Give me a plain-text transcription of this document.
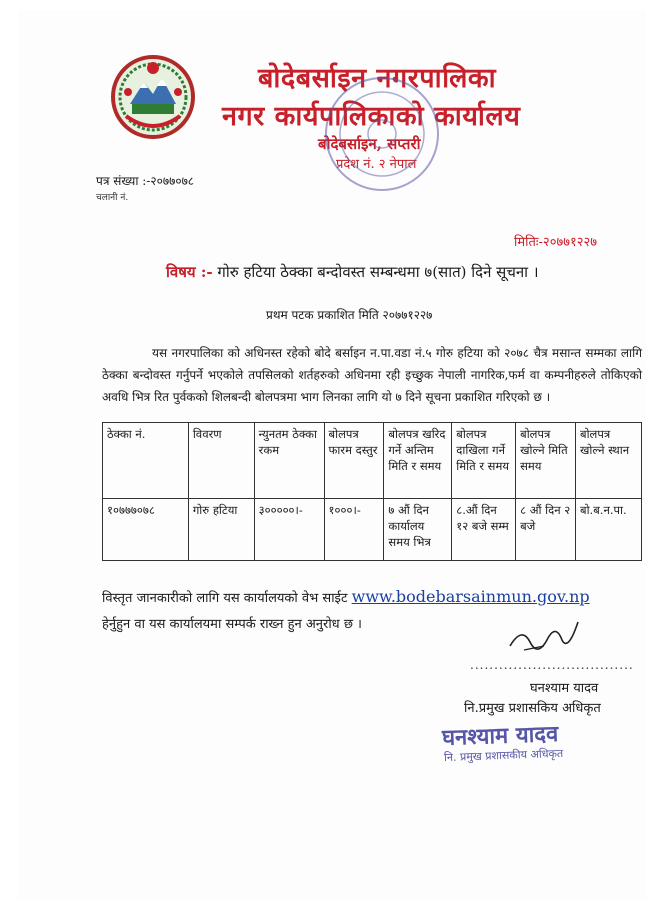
बोदेबर्साइन नगरपालिका
नगर कार्यपालिकाको कार्यालय
बोदेबर्साइन, सप्तरी
प्रदेश नं. २ नेपाल
पत्र संख्या :-२०७७०७८
चलानी नं.
मितिः-२०७७१२२७
विषय :- गोरु हटिया ठेक्का बन्दोवस्त सम्बन्धमा ७(सात) दिने सूचना ।
प्रथम पटक प्रकाशित मिति २०७७१२२७

यस नगरपालिका को अधिनस्त रहेको बोदे बर्साइन न.पा.वडा नं.५ गोरु हटिया को २०७८ चैत्र मसान्त सम्मका लागि ठेक्का बन्दोवस्त गर्नुपर्ने भएकोले तपसिलको शर्तहरुको अधिनमा रही इच्छुक नेपाली नागरिक,फर्म वा कम्पनीहरुले तोकिएको अवधि भित्र रित पुर्वकको शिलबन्दी बोलपत्रमा भाग लिनका लागि यो ७ दिने सूचना प्रकाशित गरिएको छ ।

ठेक्का नं.	विवरण	न्युनतम ठेक्का रकम	बोलपत्र फारम दस्तुर	बोलपत्र खरिद गर्ने अन्तिम मिति र समय	बोलपत्र दाखिला गर्ने मिति र समय	बोलपत्र खोल्ने मिति समय	बोलपत्र खोल्ने स्थान
१०७७७०७८	गोरु हटिया	३०००००।-	१०००।-	७ औं दिन कार्यालय समय भित्र	८.औं दिन १२ बजे सम्म	८ औं दिन २ बजे	बो.ब.न.पा.

विस्तृत जानकारीको लागि यस कार्यालयको वेभ साईट www.bodebarsainmun.gov.np
हेर्नुहुन वा यस कार्यालयमा सम्पर्क राख्न हुन अनुरोध छ ।

..................................
घनश्याम यादव
नि.प्रमुख प्रशासकिय अधिकृत
घनश्याम यादव
नि. प्रमुख प्रशासकीय अधिकृत
